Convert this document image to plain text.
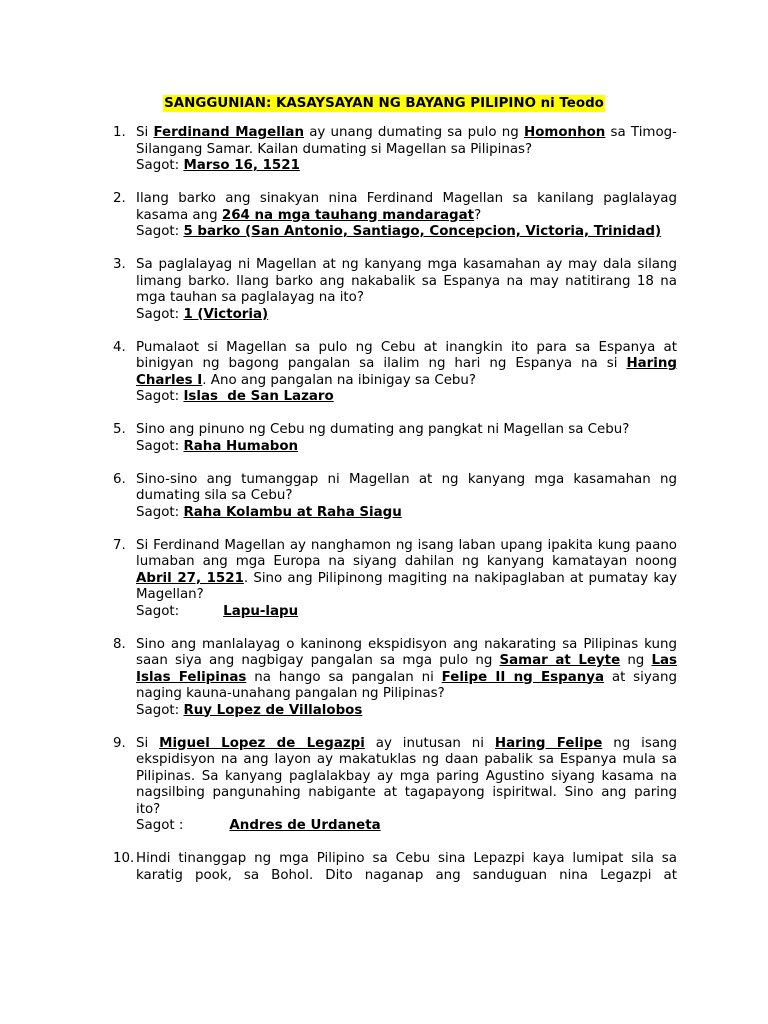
SANGGUNIAN: KASAYSAYAN NG BAYANG PILIPINO ni Teodo
1. Si Ferdinand Magellan ay unang dumating sa pulo ng Homonhon sa Timog-Silangang Samar. Kailan dumating si Magellan sa Pilipinas?
Sagot: Marso 16, 1521
2. Ilang barko ang sinakyan nina Ferdinand Magellan sa kanilang paglalayag kasama ang 264 na mga tauhang mandaragat?
Sagot: 5 barko (San Antonio, Santiago, Concepcion, Victoria, Trinidad)
3. Sa paglalayag ni Magellan at ng kanyang mga kasamahan ay may dala silang limang barko. Ilang barko ang nakabalik sa Espanya na may natitirang 18 na mga tauhan sa paglalayag na ito?
Sagot: 1 (Victoria)
4. Pumalaot si Magellan sa pulo ng Cebu at inangkin ito para sa Espanya at binigyan ng bagong pangalan sa ilalim ng hari ng Espanya na si Haring Charles I. Ano ang pangalan na ibinigay sa Cebu?
Sagot: Islas  de San Lazaro
5. Sino ang pinuno ng Cebu ng dumating ang pangkat ni Magellan sa Cebu?
Sagot: Raha Humabon
6. Sino-sino ang tumanggap ni Magellan at ng kanyang mga kasamahan ng dumating sila sa Cebu?
Sagot: Raha Kolambu at Raha Siagu
7. Si Ferdinand Magellan ay nanghamon ng isang laban upang ipakita kung paano lumaban ang mga Europa na siyang dahilan ng kanyang kamatayan noong Abril 27, 1521. Sino ang Pilipinong magiting na nakipaglaban at pumatay kay Magellan?
Sagot:	Lapu-lapu
8. Sino ang manlalayag o kaninong ekspidisyon ang nakarating sa Pilipinas kung saan siya ang nagbigay pangalan sa mga pulo ng Samar at Leyte ng Las Islas Felipinas na hango sa pangalan ni Felipe II ng Espanya at siyang naging kauna-unahang pangalan ng Pilipinas?
Sagot: Ruy Lopez de Villalobos
9. Si Miguel Lopez de Legazpi ay inutusan ni Haring Felipe ng isang ekspidisyon na ang layon ay makatuklas ng daan pabalik sa Espanya mula sa Pilipinas. Sa kanyang paglalakbay ay mga paring Agustino siyang kasama na nagsilbing pangunahing nabigante at tagapayong ispiritwal. Sino ang paring ito?
Sagot :	Andres de Urdaneta
10. Hindi tinanggap ng mga Pilipino sa Cebu sina Lepazpi kaya lumipat sila sa karatig pook, sa Bohol. Dito naganap ang sanduguan nina Legazpi at
